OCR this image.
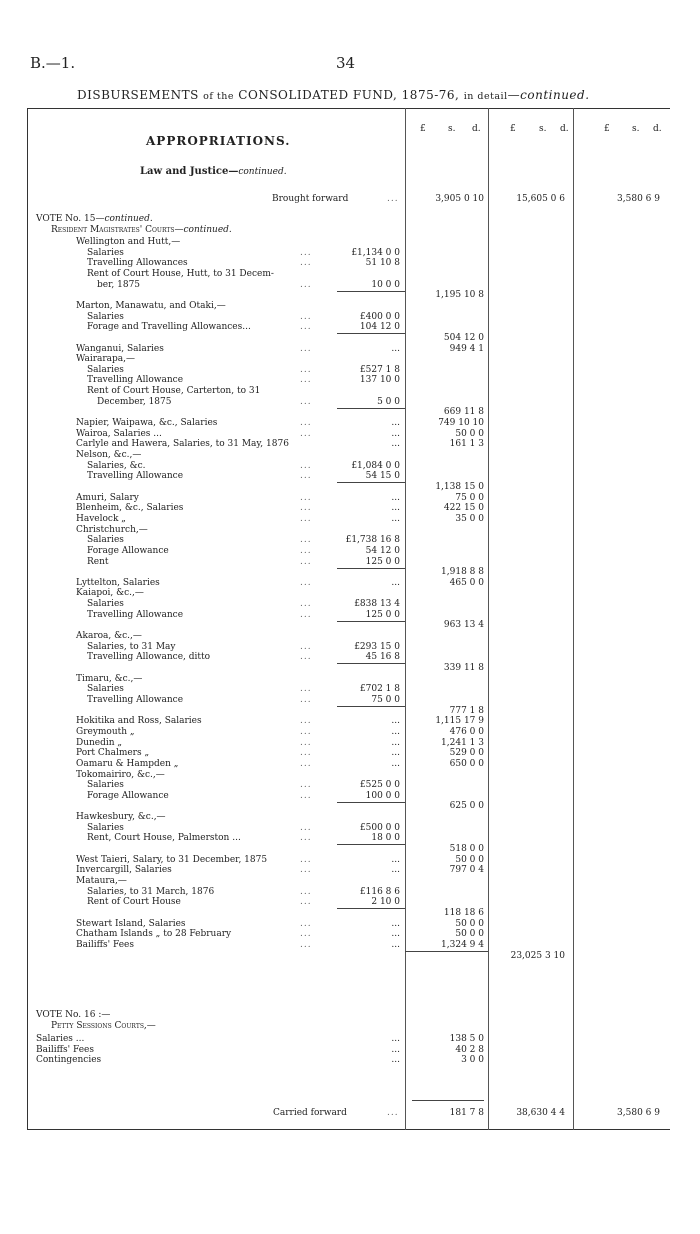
B.—1.	34
DISBURSEMENTS of the CONSOLIDATED FUND, 1875-76, in detail—continued.
£ s. d.	£	s. d.	£ s. d.
APPROPRIATIONS.
Law and Justice—continued.
Brought forward	...	3,905 0 10	15,605 0 6	3,580 6 9
VOTE No. 15—continued.
Resident Magistrates' Courts—continued.
Wellington and Hutt,—
Salaries	...	£1,134 0 0
Travelling Allowances	...	51 10 8
Rent of Court House, Hutt, to 31 Decem-
ber, 1875	...	10 0 0
1,195 10 8
Marton, Manawatu, and Otaki,—
Salaries	...	£400 0 0
Forage and Travelling Allowances...	...	104 12 0
504 12 0
Wanganui, Salaries	...	...	949 4 1
Wairarapa,—
Salaries	...	£527 1 8
Travelling Allowance	...	137 10 0
Rent of Court House, Carterton, to 31
December, 1875	...	5 0 0
669 11 8
Napier, Waipawa, &c., Salaries	...	...	749 10 10
Wairoa, Salaries ...	...	...	50 0 0
Carlyle and Hawera, Salaries, to 31 May, 1876	...	161 1 3
Nelson, &c.,—
Salaries, &c.	...	£1,084 0 0
Travelling Allowance	...	54 15 0
1,138 15 0
Amuri, Salary	...	...	75 0 0
Blenheim, &c., Salaries	...	...	422 15 0
Havelock „	...	...	35 0 0
Christchurch,—
Salaries	...	£1,738 16 8
Forage Allowance	...	54 12 0
Rent	...	125 0 0
1,918 8 8
Lyttelton, Salaries	...	...	465 0 0
Kaiapoi, &c.,—
Salaries	...	£838 13 4
Travelling Allowance	...	125 0 0
963 13 4
Akaroa, &c.,—
Salaries, to 31 May	...	£293 15 0
Travelling Allowance, ditto	...	45 16 8
339 11 8
Timaru, &c.,—
Salaries	...	£702 1 8
Travelling Allowance	...	75 0 0
777 1 8
Hokitika and Ross, Salaries	...	...	1,115 17 9
Greymouth „	...	...	476 0 0
Dunedin „	...	...	1,241 1 3
Port Chalmers „	...	...	529 0 0
Oamaru & Hampden „	...	...	650 0 0
Tokomairiro, &c.,—
Salaries	...	£525 0 0
Forage Allowance	...	100 0 0
625 0 0
Hawkesbury, &c.,—
Salaries	...	£500 0 0
Rent, Court House, Palmerston ...	...	18 0 0
518 0 0
West Taieri, Salary, to 31 December, 1875	...	...	50 0 0
Invercargill, Salaries	...	...	797 0 4
Mataura,—
Salaries, to 31 March, 1876	...	£116 8 6
Rent of Court House	...	2 10 0
118 18 6
Stewart Island, Salaries	...	...	50 0 0
Chatham Islands „ to 28 February	...	...	50 0 0
Bailiffs' Fees	...	...	1,324 9 4
23,025 3 10
VOTE No. 16 :—
Petty Sessions Courts,—
Salaries ...	...	138 5 0
Bailiffs' Fees	...	40 2 8
Contingencies	...	3 0 0
Carried forward	...	181 7 8	38,630 4 4	3,580 6 9
